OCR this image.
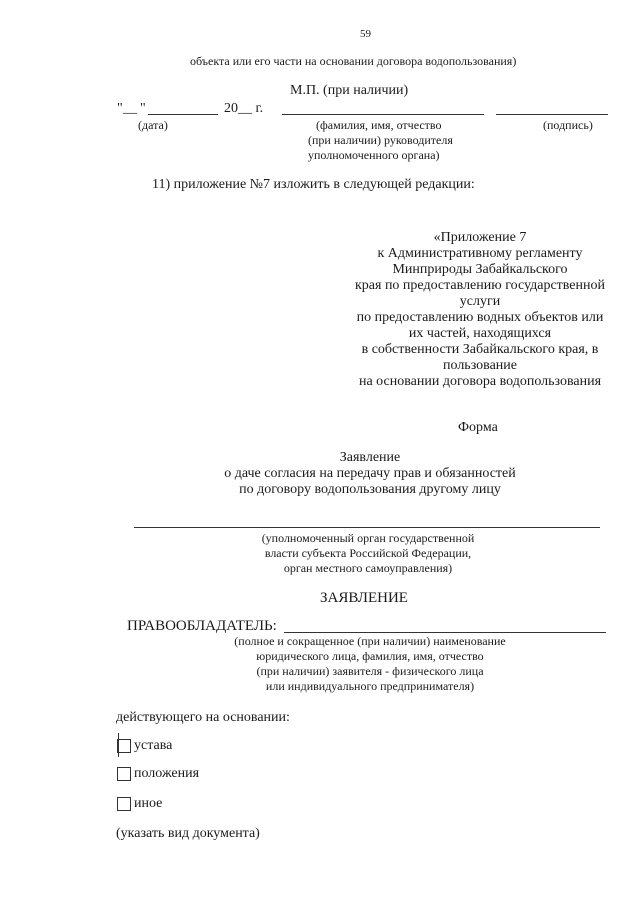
59
объекта или его части на основании договора водопользования)
М.П. (при наличии)
" __ "	20__ г.
(дата)	(фамилия, имя, отчество
(при наличии) руководителя
уполномоченного органа)
(подпись)
11) приложение №7 изложить в следующей редакции:
«Приложение 7
к Административному регламенту
Минприроды Забайкальского
края по предоставлению государственной
услуги
по предоставлению водных объектов или
их частей, находящихся
в собственности Забайкальского края, в
пользование
на основании договора водопользования
Форма
Заявление
о даче согласия на передачу прав и обязанностей
по договору водопользования другому лицу
(уполномоченный орган государственной
власти субъекта Российской Федерации,
орган местного самоуправления)
ЗАЯВЛЕНИЕ
ПРАВООБЛАДАТЕЛЬ:
(полное и сокращенное (при наличии) наименование
юридического лица, фамилия, имя, отчество
(при наличии) заявителя - физического лица
или индивидуального предпринимателя)
действующего на основании:
устава
положения
иное
(указать вид документа)
